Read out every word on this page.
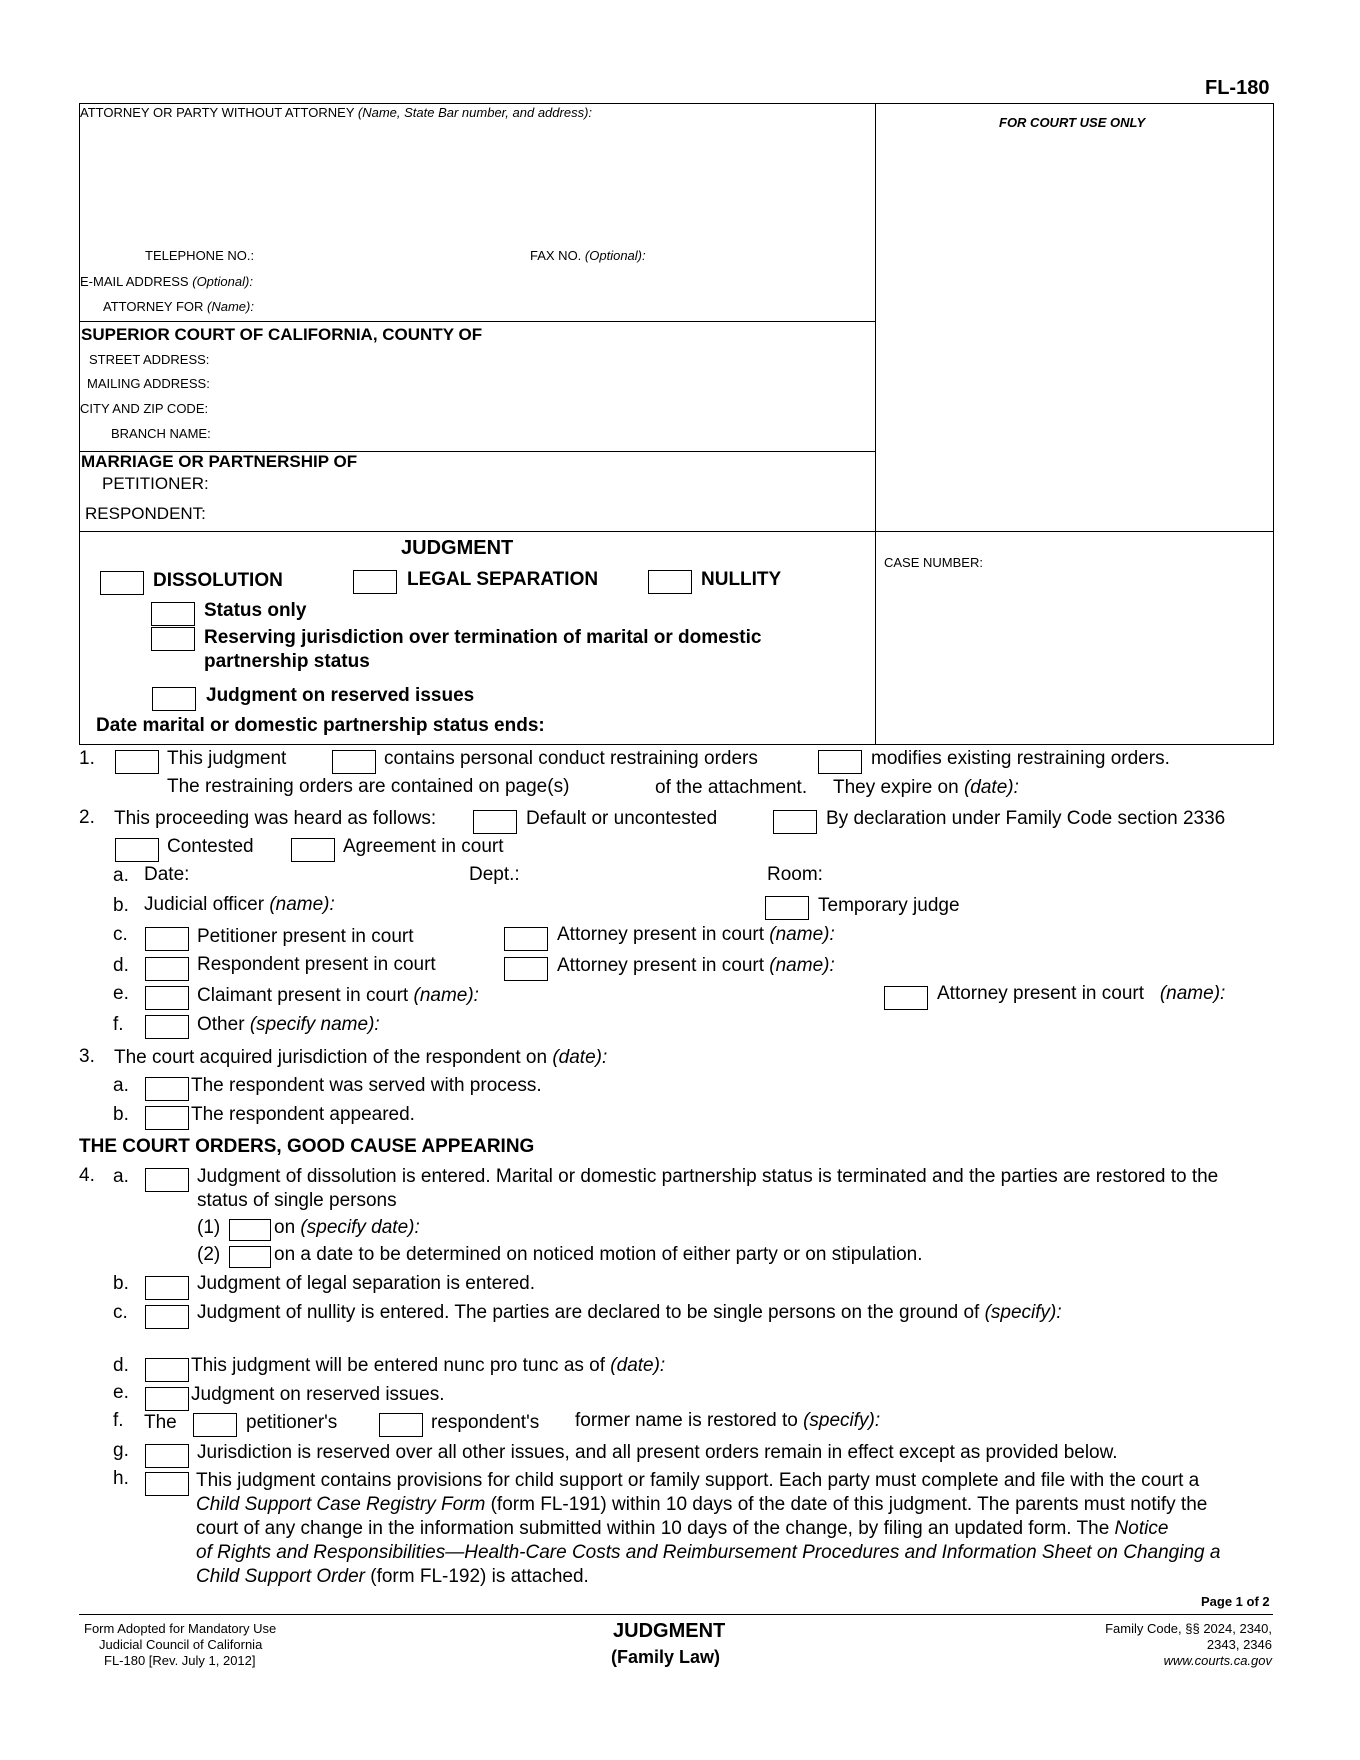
FL-180
ATTORNEY OR PARTY WITHOUT ATTORNEY (Name, State Bar number, and address):
FOR COURT USE ONLY
TELEPHONE NO.:	FAX NO. (Optional):
E-MAIL ADDRESS (Optional):
ATTORNEY FOR (Name):
SUPERIOR COURT OF CALIFORNIA, COUNTY OF
STREET ADDRESS:
MAILING ADDRESS:
CITY AND ZIP CODE:
BRANCH NAME:
MARRIAGE OR PARTNERSHIP OF
PETITIONER:
RESPONDENT:
CASE NUMBER:
JUDGMENT
DISSOLUTION	LEGAL SEPARATION	NULLITY
Status only
Reserving jurisdiction over termination of marital or domestic
partnership status
Judgment on reserved issues
Date marital or domestic partnership status ends:
1.	This judgment	contains personal conduct restraining orders	modifies existing restraining orders.
The restraining orders are contained on page(s)	of the attachment. They expire on (date):
2. This proceeding was heard as follows:	Default or uncontested	By declaration under Family Code section 2336
Contested	Agreement in court
a. Date:	Dept.:	Room:
b. Judicial officer (name):	Temporary judge
c.	Petitioner present in court	Attorney present in court (name):
d.	Respondent present in court	Attorney present in court (name):
e.	Claimant present in court (name):	Attorney present in court (name):
f.	Other (specify name):
3. The court acquired jurisdiction of the respondent on (date):
a.	The respondent was served with process.
b.	The respondent appeared.
THE COURT ORDERS, GOOD CAUSE APPEARING
4. a.	Judgment of dissolution is entered. Marital or domestic partnership status is terminated and the parties are restored to the
status of single persons
(1)	on (specify date):
(2)	on a date to be determined on noticed motion of either party or on stipulation.
b.	Judgment of legal separation is entered.
c.	Judgment of nullity is entered. The parties are declared to be single persons on the ground of (specify):
d.	This judgment will be entered nunc pro tunc as of (date):
e.	Judgment on reserved issues.
f. The	petitioner's	respondent's former name is restored to (specify):
g.	Jurisdiction is reserved over all other issues, and all present orders remain in effect except as provided below.
h.	This judgment contains provisions for child support or family support. Each party must complete and file with the court a
Child Support Case Registry Form (form FL-191) within 10 days of the date of this judgment. The parents must notify the
court of any change in the information submitted within 10 days of the change, by filing an updated form. The Notice
of Rights and Responsibilities—Health-Care Costs and Reimbursement Procedures and Information Sheet on Changing a
Child Support Order (form FL-192) is attached.
Page 1 of 2
Form Adopted for Mandatory Use
Judicial Council of California
FL-180 [Rev. July 1, 2012]
JUDGMENT
(Family Law)
Family Code, §§ 2024, 2340,
2343, 2346
www.courts.ca.gov
